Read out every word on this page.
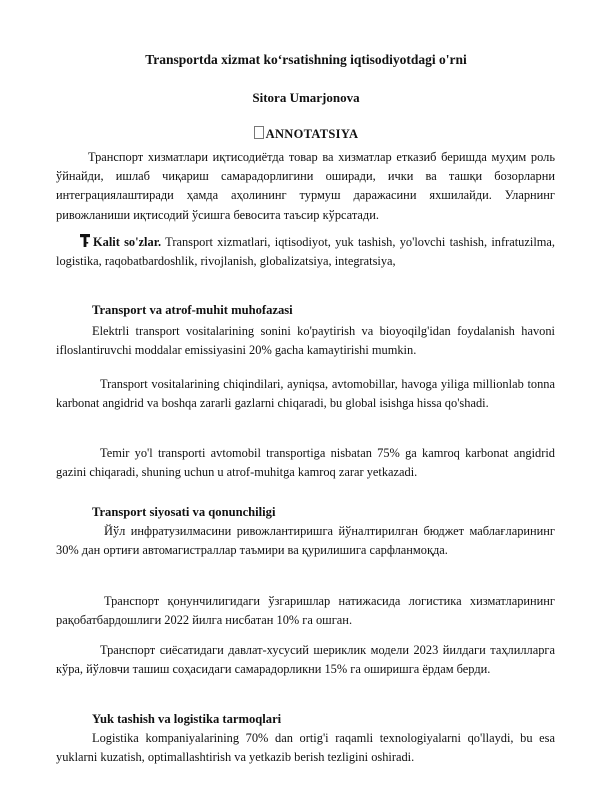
Transportda xizmat ko‘rsatishning iqtisodiyotdagi o'rni
Sitora Umarjonova
ANNOTATSIYA

Транспорт хизматлари иқтисодиётда товар ва хизматлар етказиб беришда муҳим роль ўйнайди, ишлаб чиқариш самарадорлигини оширади, ички ва ташқи бозорларни интеграциялаштиради ҳамда аҳолининг турмуш даражасини яхшилайди. Уларнинг ривожланиши иқтисодий ўсишга бевосита таъсир кўрсатади.

Kalit so'zlar. Transport xizmatlari, iqtisodiyot, yuk tashish, yo'lovchi tashish, infratuzilma, logistika, raqobatbardoshlik, rivojlanish, globalizatsiya, integratsiya,

Transport va atrof-muhit muhofazasi

Elektrli transport vositalarining sonini ko'paytirish va bioyoqilg'idan foydalanish havoni ifloslantiruvchi moddalar emissiyasini 20% gacha kamaytirishi mumkin.

Transport vositalarining chiqindilari, ayniqsa, avtomobillar, havoga yiliga millionlab tonna karbonat angidrid va boshqa zararli gazlarni chiqaradi, bu global isishga hissa qo'shadi.

Temir yo'l transporti avtomobil transportiga nisbatan 75% ga kamroq karbonat angidrid gazini chiqaradi, shuning uchun u atrof-muhitga kamroq zarar yetkazadi.

Transport siyosati va qonunchiligi

Йўл инфратузилмасини ривожлантиришга йўналтирилган бюджет маблағларининг 30% дан ортиғи автомагистраллар таъмири ва қурилишига сарфланмоқда.

Транспорт қонунчилигидаги ўзгаришлар натижасида логистика хизматларининг рақобатбардошлиги 2022 йилга нисбатан 10% га ошган.

Транспорт сиёсатидаги давлат-хусусий шериклик модели 2023 йилдаги таҳлилларга кўра, йўловчи ташиш соҳасидаги самарадорликни 15% га оширишга ёрдам берди.

Yuk tashish va logistika tarmoqlari

Logistika kompaniyalarining 70% dan ortig'i raqamli texnologiyalarni qo'llaydi, bu esa yuklarni kuzatish, optimallashtirish va yetkazib berish tezligini oshiradi.
